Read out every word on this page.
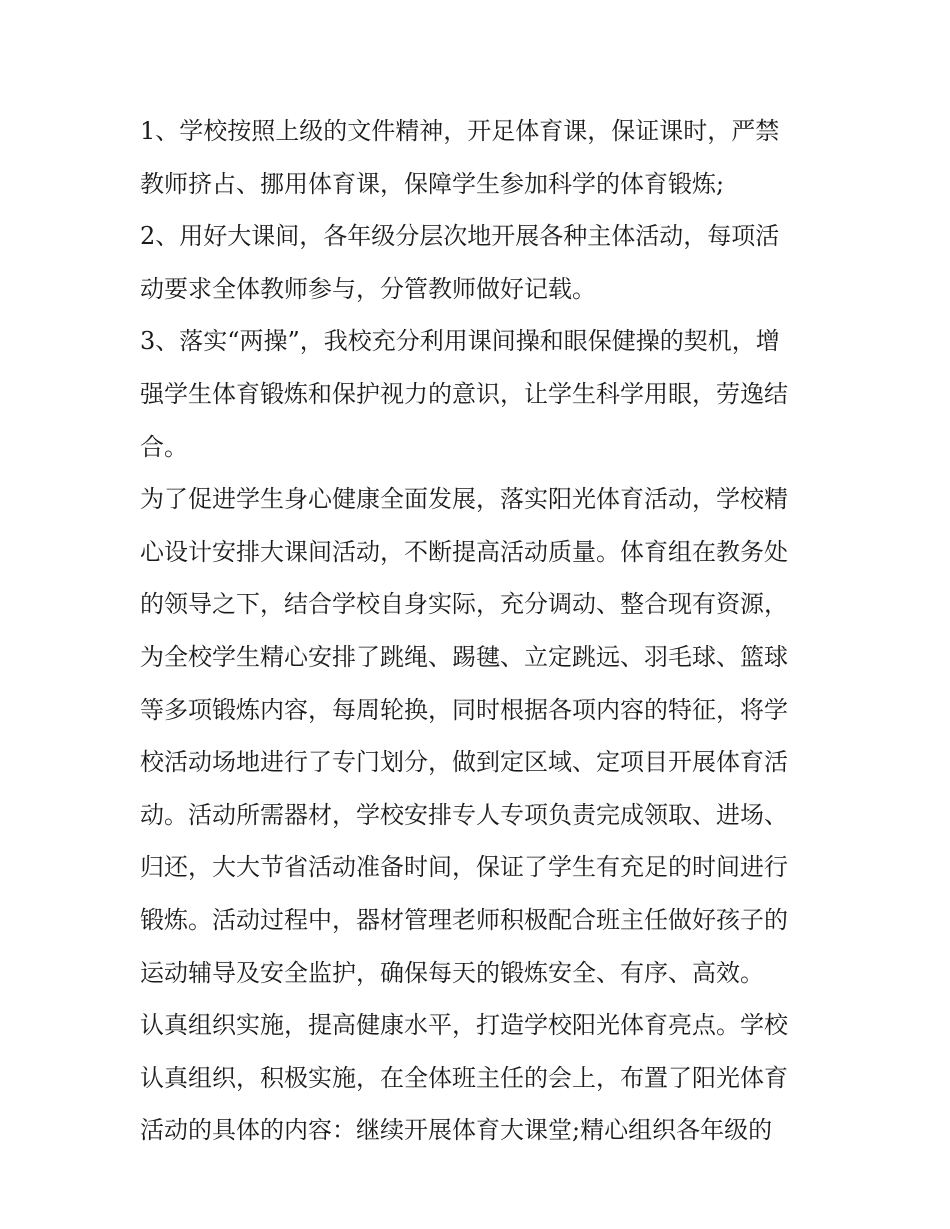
1、学校按照上级的文件精神，开足体育课，保证课时，严禁
教师挤占、挪用体育课，保障学生参加科学的体育锻炼;
2、用好大课间，各年级分层次地开展各种主体活动，每项活
动要求全体教师参与，分管教师做好记载。
3、落实“两操”，我校充分利用课间操和眼保健操的契机，增
强学生体育锻炼和保护视力的意识，让学生科学用眼，劳逸结
合。
为了促进学生身心健康全面发展，落实阳光体育活动，学校精
心设计安排大课间活动，不断提高活动质量。体育组在教务处
的领导之下，结合学校自身实际，充分调动、整合现有资源，
为全校学生精心安排了跳绳、踢毽、立定跳远、羽毛球、篮球
等多项锻炼内容，每周轮换，同时根据各项内容的特征，将学
校活动场地进行了专门划分，做到定区域、定项目开展体育活
动。活动所需器材，学校安排专人专项负责完成领取、进场、
归还，大大节省活动准备时间，保证了学生有充足的时间进行
锻炼。活动过程中，器材管理老师积极配合班主任做好孩子的
运动辅导及安全监护，确保每天的锻炼安全、有序、高效。
认真组织实施，提高健康水平，打造学校阳光体育亮点。学校
认真组织，积极实施，在全体班主任的会上，布置了阳光体育
活动的具体的内容：继续开展体育大课堂;精心组织各年级的
